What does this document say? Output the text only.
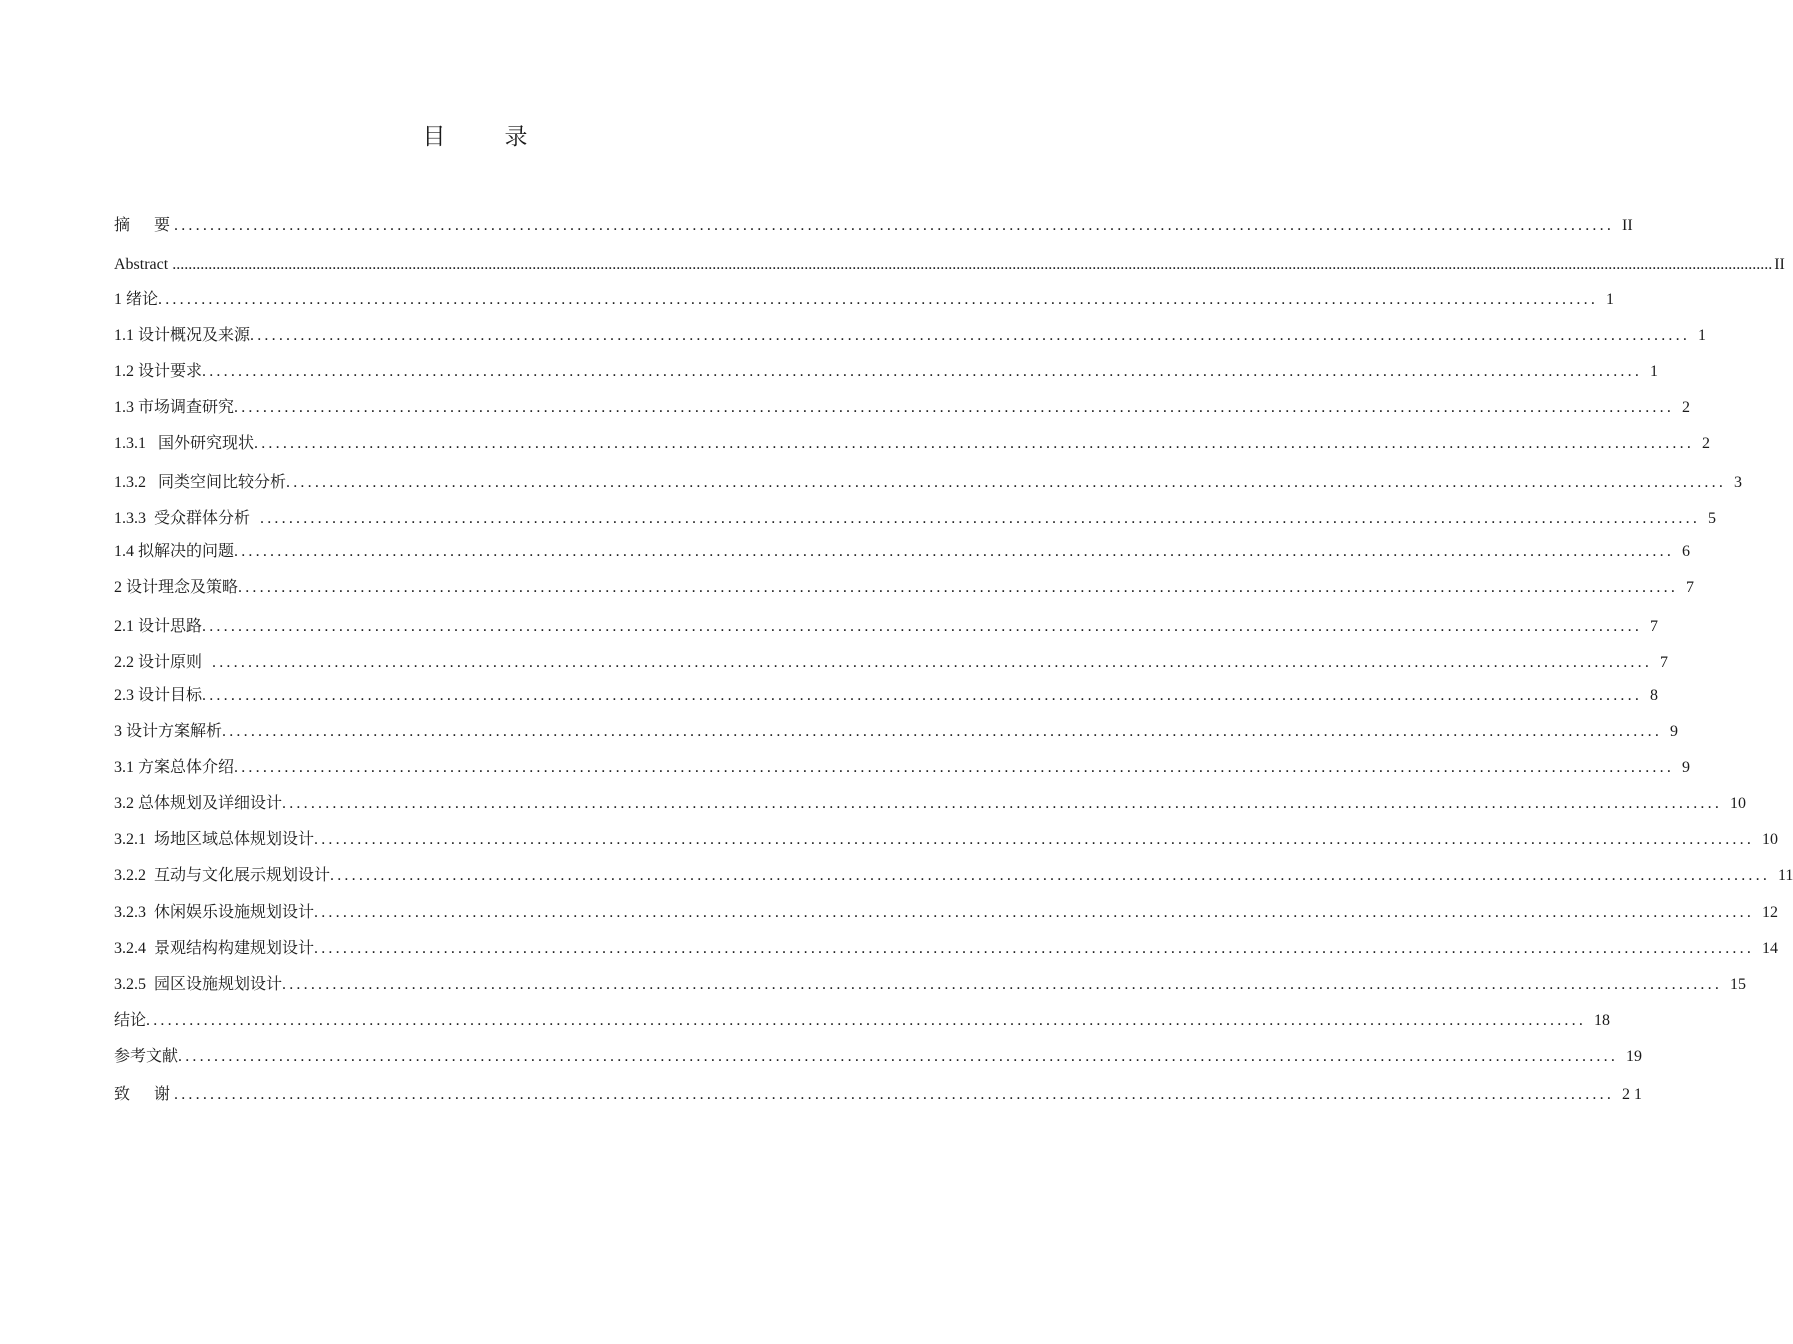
目　录
摘　要 ........................................................................................................................................................................................................ II
Abstract ................................................................................................................................................................................................................................................................................................................................................................................................................ II
1 绪论 ........................................................................................................................................................................................................ 1
1.1 设计概况及来源 ........................................................................................................................................................................................................ 1
1.2 设计要求 ........................................................................................................................................................................................................ 1
1.3 市场调查研究 ........................................................................................................................................................................................................ 2
1.3.1   国外研究现状 ........................................................................................................................................................................................................ 2
1.3.2   同类空间比较分析 ........................................................................................................................................................................................................ 3
1.3.3  受众群体分析 ........................................................................................................................................................................................................ 5
1.4 拟解决的问题 ........................................................................................................................................................................................................ 6
2 设计理念及策略 ........................................................................................................................................................................................................ 7
2.1 设计思路 ........................................................................................................................................................................................................ 7
2.2 设计原则 ........................................................................................................................................................................................................ 7
2.3 设计目标 ........................................................................................................................................................................................................ 8
3 设计方案解析 ........................................................................................................................................................................................................ 9
3.1 方案总体介绍 ........................................................................................................................................................................................................ 9
3.2 总体规划及详细设计 ........................................................................................................................................................................................................ 10
3.2.1  场地区域总体规划设计 ........................................................................................................................................................................................................ 10
3.2.2  互动与文化展示规划设计 ........................................................................................................................................................................................................ 11
3.2.3  休闲娱乐设施规划设计 ........................................................................................................................................................................................................ 12
3.2.4  景观结构构建规划设计 ........................................................................................................................................................................................................ 14
3.2.5  园区设施规划设计 ........................................................................................................................................................................................................ 15
结论 ........................................................................................................................................................................................................ 18
参考文献 ........................................................................................................................................................................................................ 19
致　谢 ........................................................................................................................................................................................................ 2 1
